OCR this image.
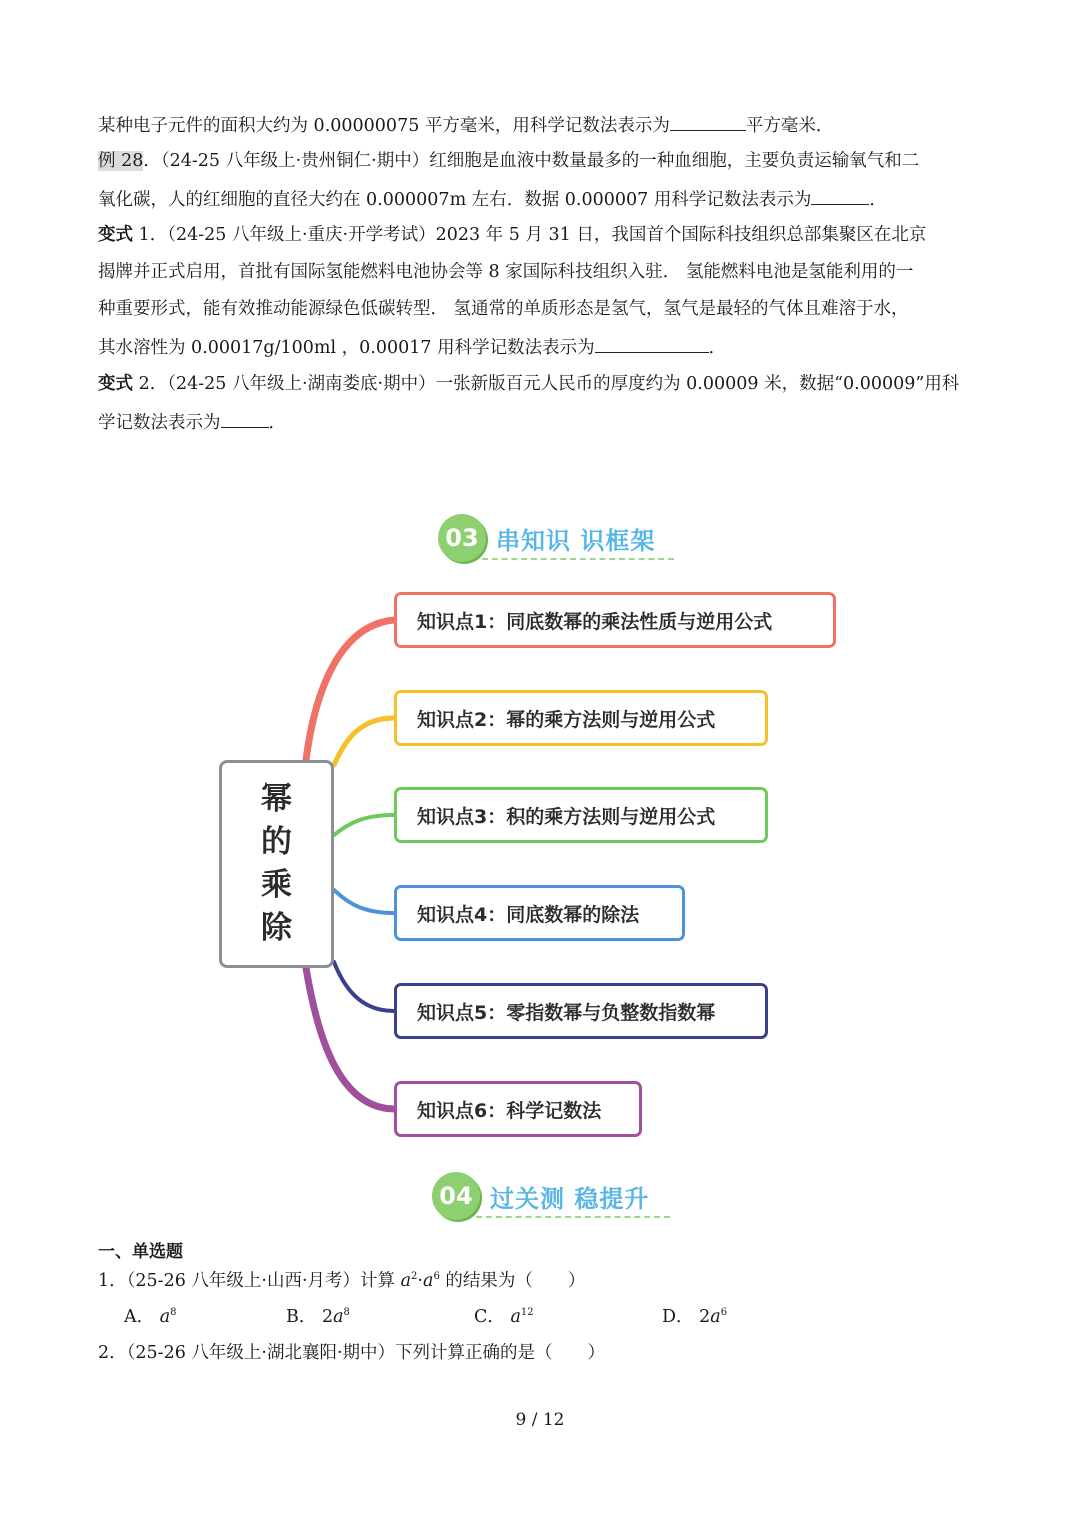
某种电子元件的面积大约为 0.00000075 平方毫米，用科学记数法表示为	平方毫米．
例 28．（24-25 八年级上·贵州铜仁·期中）红细胞是血液中数量最多的一种血细胞，主要负责运输氧气和二
氧化碳，人的红细胞的直径大约在 0.000007m 左右．数据 0.000007 用科学记数法表示为	．
变式 1．（24-25 八年级上·重庆·开学考试）2023 年 5 月 31 日，我国首个国际科技组织总部集聚区在北京
揭牌并正式启用，首批有国际氢能燃料电池协会等 8 家国际科技组织入驻． 氢能燃料电池是氢能利用的一
种重要形式，能有效推动能源绿色低碳转型． 氢通常的单质形态是氢气，氢气是最轻的气体且难溶于水，
其水溶性为 0.00017g/100ml ，0.00017 用科学记数法表示为	．
变式 2．（24-25 八年级上·湖南娄底·期中）一张新版百元人民币的厚度约为 0.00009 米，数据“0.00009”用科
学记数法表示为	．
03 串知识 识框架
幂
的
乘
除
知识点1：同底数幂的乘法性质与逆用公式
知识点2：幂的乘方法则与逆用公式
知识点3：积的乘方法则与逆用公式
知识点4：同底数幂的除法
知识点5：零指数幂与负整数指数幂
知识点6：科学记数法
04 过关测 稳提升
一、单选题
1．（25-26 八年级上·山西·月考）计算 $a^2\cdot a^6$ 的结果为（　　）
A． $a^8$	B． $2a^8$	C． $a^{12}$	D． $2a^6$
2．（25-26 八年级上·湖北襄阳·期中）下列计算正确的是（　　）
9 / 12
